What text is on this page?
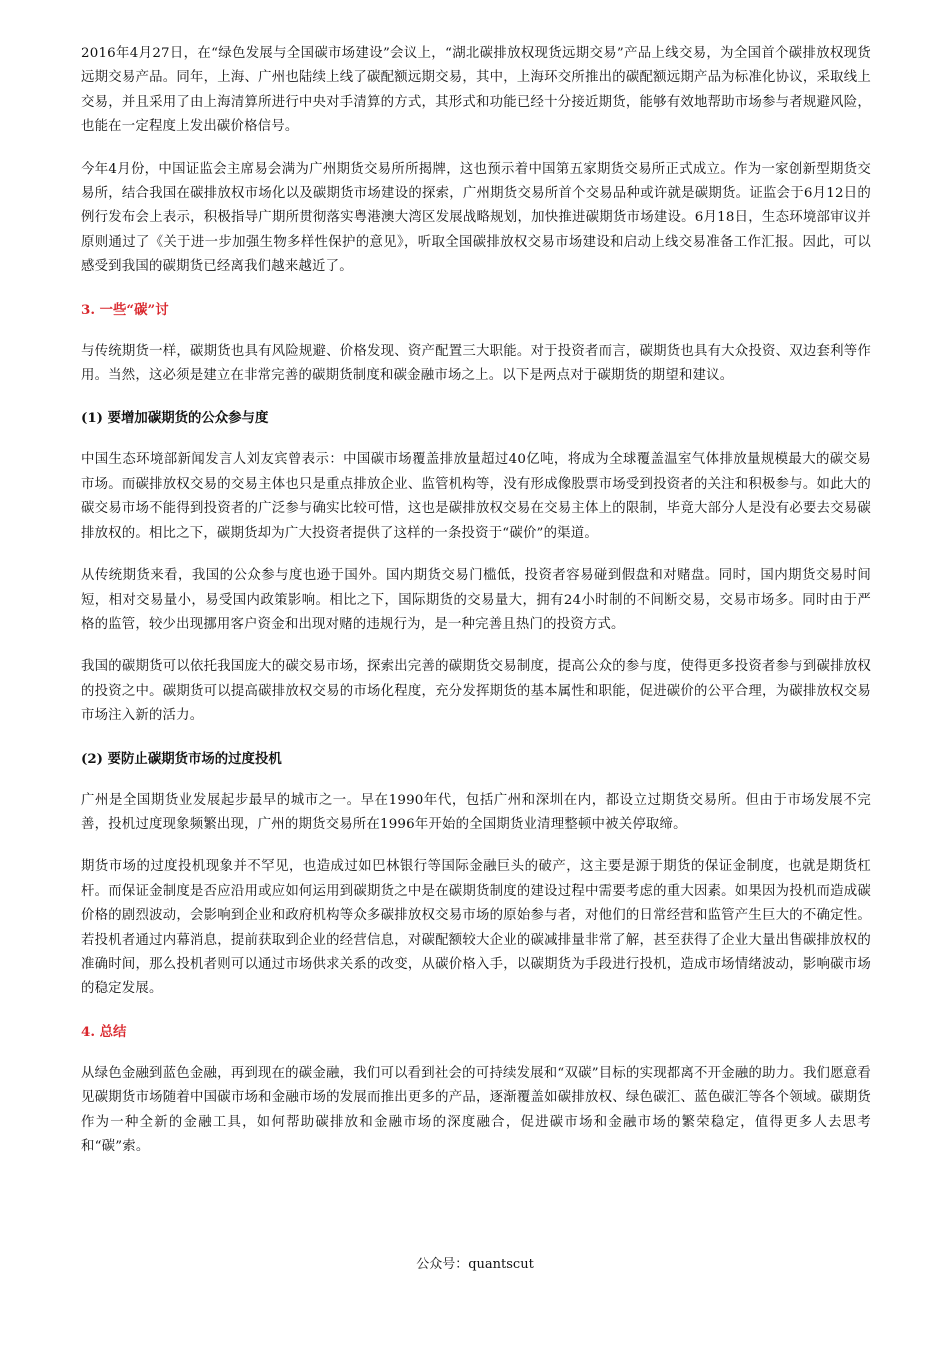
2016年4月27日，在“绿色发展与全国碳市场建设”会议上，“湖北碳排放权现货远期交易”产品上线交易，为全国首个碳排放权现货远期交易产品。同年，上海、广州也陆续上线了碳配额远期交易，其中，上海环交所推出的碳配额远期产品为标准化协议，采取线上交易，并且采用了由上海清算所进行中央对手清算的方式，其形式和功能已经十分接近期货，能够有效地帮助市场参与者规避风险，也能在一定程度上发出碳价格信号。

今年4月份，中国证监会主席易会满为广州期货交易所所揭牌，这也预示着中国第五家期货交易所正式成立。作为一家创新型期货交易所，结合我国在碳排放权市场化以及碳期货市场建设的探索，广州期货交易所首个交易品种或许就是碳期货。证监会于6月12日的例行发布会上表示，积极指导广期所贯彻落实粤港澳大湾区发展战略规划，加快推进碳期货市场建设。6月18日，生态环境部审议并原则通过了《关于进一步加强生物多样性保护的意见》，听取全国碳排放权交易市场建设和启动上线交易准备工作汇报。因此，可以感受到我国的碳期货已经离我们越来越近了。

3. 一些“碳”讨

与传统期货一样，碳期货也具有风险规避、价格发现、资产配置三大职能。对于投资者而言，碳期货也具有大众投资、双边套利等作用。当然，这必须是建立在非常完善的碳期货制度和碳金融市场之上。以下是两点对于碳期货的期望和建议。

(1) 要增加碳期货的公众参与度

中国生态环境部新闻发言人刘友宾曾表示：中国碳市场覆盖排放量超过40亿吨，将成为全球覆盖温室气体排放量规模最大的碳交易市场。而碳排放权交易的交易主体也只是重点排放企业、监管机构等，没有形成像股票市场受到投资者的关注和积极参与。如此大的碳交易市场不能得到投资者的广泛参与确实比较可惜，这也是碳排放权交易在交易主体上的限制，毕竟大部分人是没有必要去交易碳排放权的。相比之下，碳期货却为广大投资者提供了这样的一条投资于“碳价”的渠道。

从传统期货来看，我国的公众参与度也逊于国外。国内期货交易门槛低，投资者容易碰到假盘和对赌盘。同时，国内期货交易时间短，相对交易量小，易受国内政策影响。相比之下，国际期货的交易量大，拥有24小时制的不间断交易，交易市场多。同时由于严格的监管，较少出现挪用客户资金和出现对赌的违规行为，是一种完善且热门的投资方式。

我国的碳期货可以依托我国庞大的碳交易市场，探索出完善的碳期货交易制度，提高公众的参与度，使得更多投资者参与到碳排放权的投资之中。碳期货可以提高碳排放权交易的市场化程度，充分发挥期货的基本属性和职能，促进碳价的公平合理，为碳排放权交易市场注入新的活力。

(2) 要防止碳期货市场的过度投机

广州是全国期货业发展起步最早的城市之一。早在1990年代，包括广州和深圳在内，都设立过期货交易所。但由于市场发展不完善，投机过度现象频繁出现，广州的期货交易所在1996年开始的全国期货业清理整顿中被关停取缔。

期货市场的过度投机现象并不罕见，也造成过如巴林银行等国际金融巨头的破产，这主要是源于期货的保证金制度，也就是期货杠杆。而保证金制度是否应沿用或应如何运用到碳期货之中是在碳期货制度的建设过程中需要考虑的重大因素。如果因为投机而造成碳价格的剧烈波动，会影响到企业和政府机构等众多碳排放权交易市场的原始参与者，对他们的日常经营和监管产生巨大的不确定性。若投机者通过内幕消息，提前获取到企业的经营信息，对碳配额较大企业的碳减排量非常了解，甚至获得了企业大量出售碳排放权的准确时间，那么投机者则可以通过市场供求关系的改变，从碳价格入手，以碳期货为手段进行投机，造成市场情绪波动，影响碳市场的稳定发展。

4. 总结

从绿色金融到蓝色金融，再到现在的碳金融，我们可以看到社会的可持续发展和“双碳”目标的实现都离不开金融的助力。我们愿意看见碳期货市场随着中国碳市场和金融市场的发展而推出更多的产品，逐渐覆盖如碳排放权、绿色碳汇、蓝色碳汇等各个领域。碳期货作为一种全新的金融工具，如何帮助碳排放和金融市场的深度融合，促进碳市场和金融市场的繁荣稳定，值得更多人去思考和“碳”索。

公众号：quantscut
